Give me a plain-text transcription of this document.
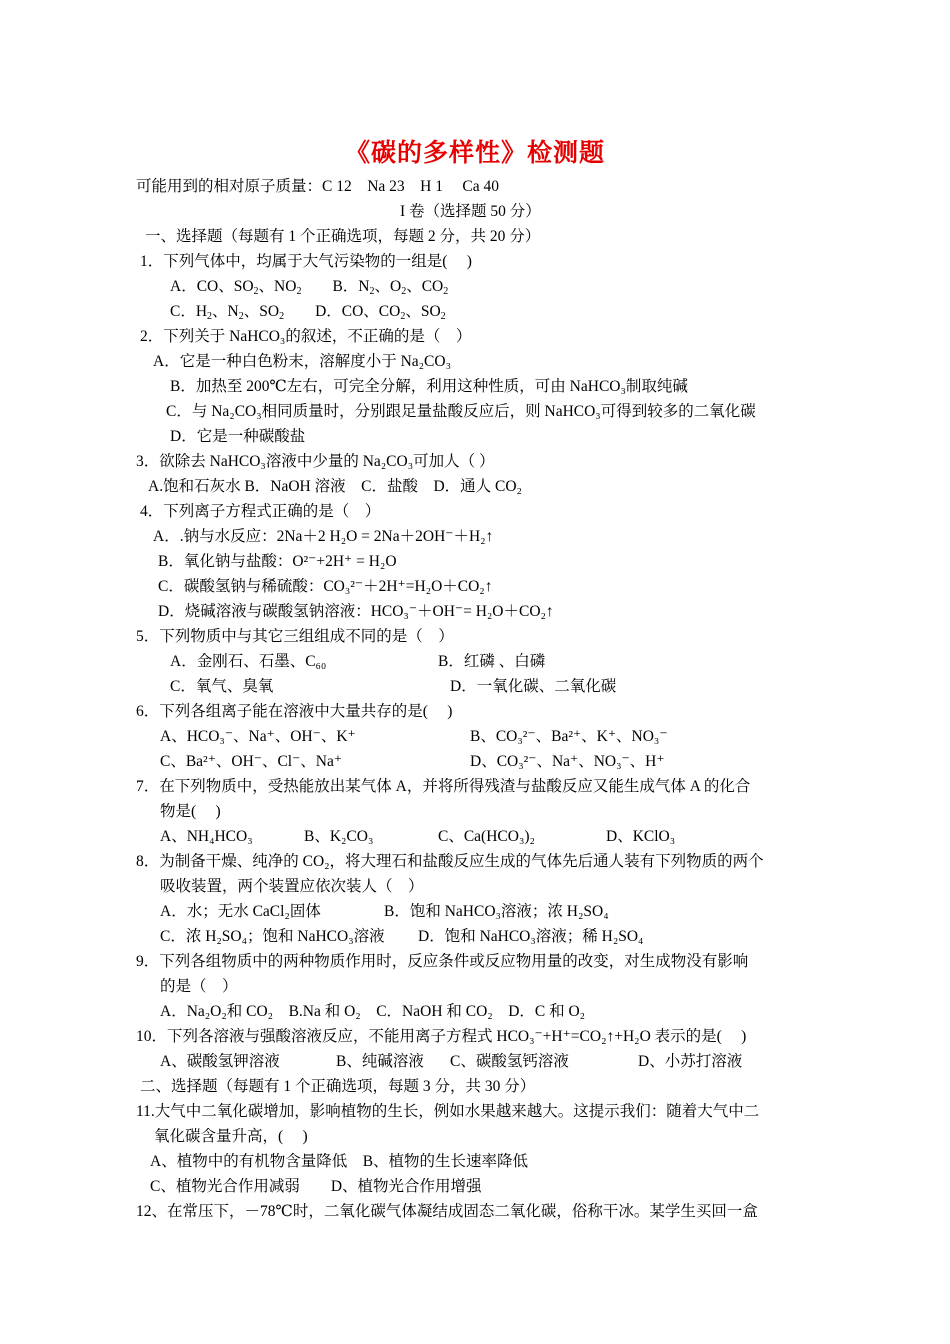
《碳的多样性》检测题
可能用到的相对原子质量：C 12　Na 23　H 1　 Ca 40
I 卷（选择题 50 分）
一、选择题（每题有 1 个正确选项，每题 2 分，共 20 分）
1．下列气体中，均属于大气污染物的一组是(　 )
A．CO、$SO_2$、$NO_2$　　B．$N_2$、$O_2$、$CO_2$
C．$H_2$、$N_2$、$SO_2$　　D．CO、$CO_2$、$SO_2$
2．下列关于 NaHCO₃的叙述，不正确的是（　）
A．它是一种白色粉末，溶解度小于 Na₂CO₃
B．加热至 200℃左右，可完全分解，利用这种性质，可由 NaHCO₃制取纯碱
C．与 Na₂CO₃相同质量时，分别跟足量盐酸反应后，则 NaHCO₃可得到较多的二氧化碳
D．它是一种碳酸盐
3．欲除去 NaHCO₃溶液中少量的 Na₂CO₃可加人（ ）
A.饱和石灰水 B．NaOH 溶液　C．盐酸　D．通人 CO₂
4．下列离子方程式正确的是（　）
A．.钠与水反应：2Na＋2 H₂O = 2Na＋2OH⁻＋H₂↑
B．氧化钠与盐酸：O²⁻+2H⁺ = H₂O
C．碳酸氢钠与稀硫酸：CO₃²⁻＋2H⁺=H₂O＋CO₂↑
D．烧碱溶液与碳酸氢钠溶液：HCO₃⁻＋OH⁻= H₂O＋CO₂↑
5．下列物质中与其它三组组成不同的是（　）
A．金刚石、石墨、C₆₀	B．红磷 、白磷
C．氧气、臭氧	D．一氧化碳、二氧化碳
6．下列各组离子能在溶液中大量共存的是(　 )
A、HCO₃⁻、Na⁺、OH⁻、K⁺	B、CO₃²⁻、Ba²⁺、K⁺、NO₃⁻
C、Ba²⁺、OH⁻、Cl⁻、Na⁺	D、CO₃²⁻、Na⁺、NO₃⁻、H⁺
7．在下列物质中，受热能放出某气体 A，并将所得残渣与盐酸反应又能生成气体 A 的化合
物是(　 )
A、NH₄HCO₃	B、K₂CO₃	C、Ca(HCO₃)₂	D、KClO₃
8．为制备干燥、纯净的 CO₂，将大理石和盐酸反应生成的气体先后通人装有下列物质的两个
吸收装置，两个装置应依次装人（　）
A．水；无水 CaCl₂固体	B．饱和 NaHCO₃溶液；浓 H₂SO₄
C．浓 H₂SO₄；饱和 NaHCO₃溶液 D．饱和 NaHCO₃溶液；稀 H₂SO₄
9．下列各组物质中的两种物质作用时，反应条件或反应物用量的改变，对生成物没有影响
的是（　）
A．Na₂O₂和 CO₂　B.Na 和 O₂　C．NaOH 和 CO₂　D．C 和 O₂
10．下列各溶液与强酸溶液反应，不能用离子方程式 HCO₃⁻+H⁺=CO₂↑+H₂O 表示的是(　 )
A、碳酸氢钾溶液	B、纯碱溶液 C、碳酸氢钙溶液	D、小苏打溶液
二、选择题（每题有 1 个正确选项，每题 3 分，共 30 分）
11.大气中二氧化碳增加，影响植物的生长，例如水果越来越大。这提示我们：随着大气中二
氧化碳含量升高，(　 )
A、植物中的有机物含量降低　B、植物的生长速率降低
C、植物光合作用减弱　　D、植物光合作用增强
12、在常压下，－78℃时，二氧化碳气体凝结成固态二氧化碳，俗称干冰。某学生买回一盒
